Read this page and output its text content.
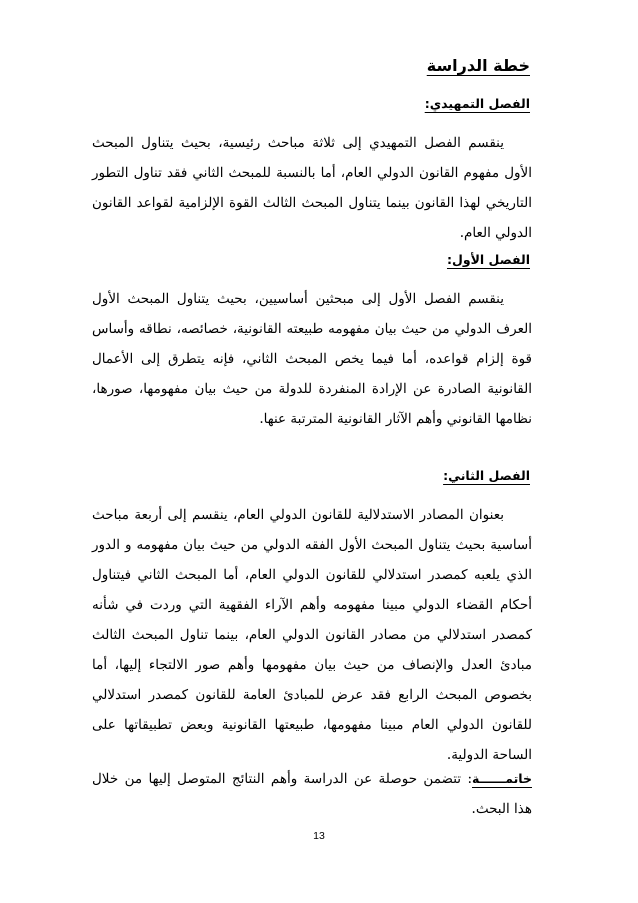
خطة الدراسة
الفصل التمهيدي:

ينقسم الفصل التمهيدي إلى ثلاثة مباحث رئيسية، بحيث يتناول المبحث الأول مفهوم القانون الدولي العام، أما بالنسبة للمبحث الثاني فقد تناول التطور التاريخي لهذا القانون بينما يتناول المبحث الثالث القوة الإلزامية لقواعد القانون الدولي العام.

الفصل الأول:

ينقسم الفصل الأول إلى مبحثين أساسيين، بحيث يتناول المبحث الأول العرف الدولي من حيث بيان مفهومه طبيعته القانونية، خصائصه، نطاقه وأساس قوة إلزام قواعده، أما فيما يخص المبحث الثاني، فإنه يتطرق إلى الأعمال القانونية الصادرة عن الإرادة المنفردة للدولة من حيث بيان مفهومها، صورها، نظامها القانوني وأهم الآثار القانونية المترتبة عنها.

الفصل الثاني:

بعنوان المصادر الاستدلالية للقانون الدولي العام، ينقسم إلى أربعة مباحث أساسية بحيث يتناول المبحث الأول الفقه الدولي من حيث بيان مفهومه و الدور الذي يلعبه كمصدر استدلالي للقانون الدولي العام، أما المبحث الثاني فيتناول أحكام القضاء الدولي مبينا مفهومه وأهم الآراء الفقهية التي وردت في شأنه كمصدر استدلالي من مصادر القانون الدولي العام، بينما تناول المبحث الثالث مبادئ العدل والإنصاف من حيث بيان مفهومها وأهم صور الالتجاء إليها، أما بخصوص المبحث الرابع فقد عرض للمبادئ العامة للقانون كمصدر استدلالي للقانون الدولي العام مبينا مفهومها، طبيعتها القانونية وبعض تطبيقاتها على الساحة الدولية.

خاتمــــــة: تتضمن حوصلة عن الدراسة وأهم النتائج المتوصل إليها من خلال هذا البحث.

13
